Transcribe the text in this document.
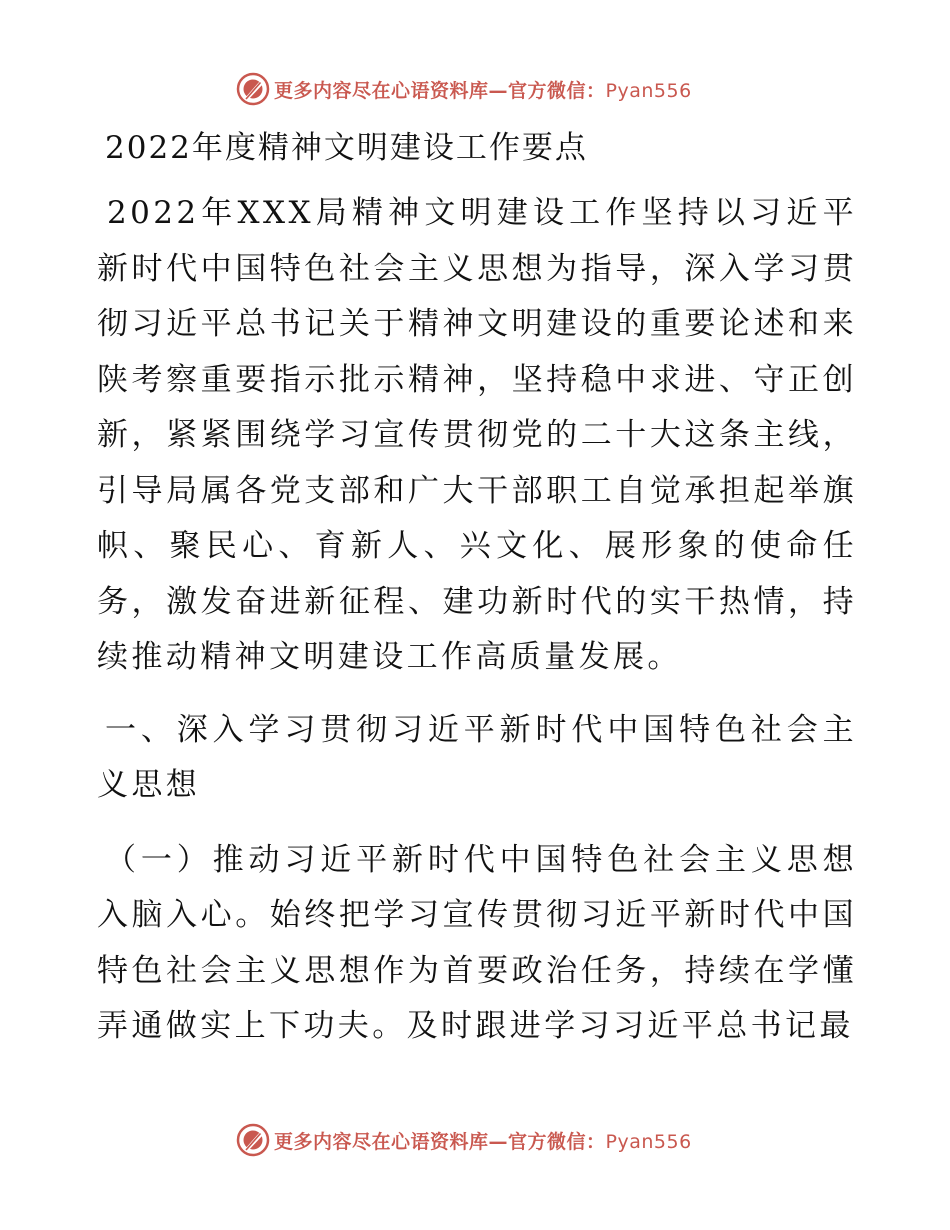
更多内容尽在心语资料库—官方微信：Pyan556
2022年度精神文明建设工作要点

2022年XXX局精神文明建设工作坚持以习近平新时代中国特色社会主义思想为指导，深入学习贯彻习近平总书记关于精神文明建设的重要论述和来陕考察重要指示批示精神，坚持稳中求进、守正创新，紧紧围绕学习宣传贯彻党的二十大这条主线，引导局属各党支部和广大干部职工自觉承担起举旗帜、聚民心、育新人、兴文化、展形象的使命任务，激发奋进新征程、建功新时代的实干热情，持续推动精神文明建设工作高质量发展。

一、深入学习贯彻习近平新时代中国特色社会主义思想

（一）推动习近平新时代中国特色社会主义思想入脑入心。始终把学习宣传贯彻习近平新时代中国特色社会主义思想作为首要政治任务，持续在学懂弄通做实上下功夫。及时跟进学习习近平总书记最

更多内容尽在心语资料库—官方微信：Pyan556
